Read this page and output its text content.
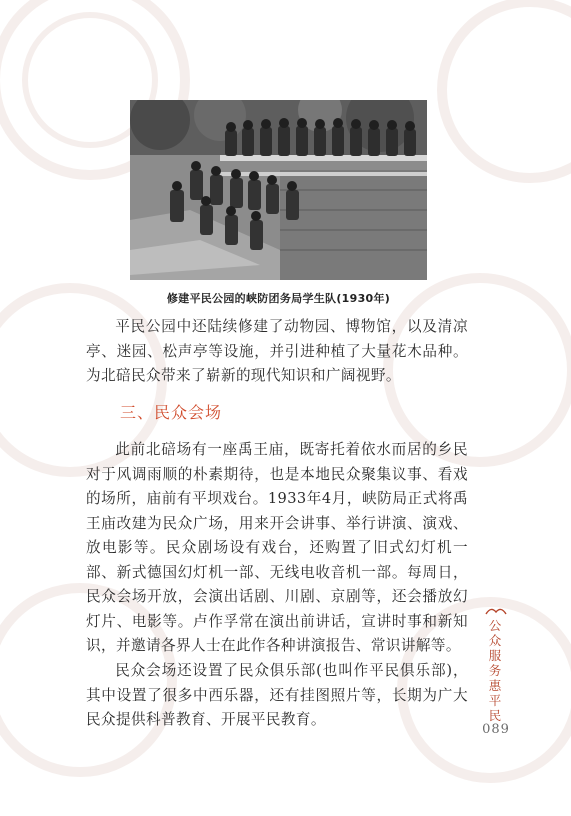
修建平民公园的峡防团务局学生队(1930年)

平民公园中还陆续修建了动物园、博物馆，以及清凉亭、迷园、松声亭等设施，并引进种植了大量花木品种。为北碚民众带来了崭新的现代知识和广阔视野。

三、民众会场

此前北碚场有一座禹王庙，既寄托着依水而居的乡民对于风调雨顺的朴素期待，也是本地民众聚集议事、看戏的场所，庙前有平坝戏台。1933年4月，峡防局正式将禹王庙改建为民众广场，用来开会讲事、举行讲演、演戏、放电影等。民众剧场设有戏台，还购置了旧式幻灯机一部、新式德国幻灯机一部、无线电收音机一部。每周日，民众会场开放，会演出话剧、川剧、京剧等，还会播放幻灯片、电影等。卢作孚常在演出前讲话，宣讲时事和新知识，并邀请各界人士在此作各种讲演报告、常识讲解等。

民众会场还设置了民众俱乐部(也叫作平民俱乐部)，其中设置了很多中西乐器，还有挂图照片等，长期为广大民众提供科普教育、开展平民教育。

公众服务惠平民
089
